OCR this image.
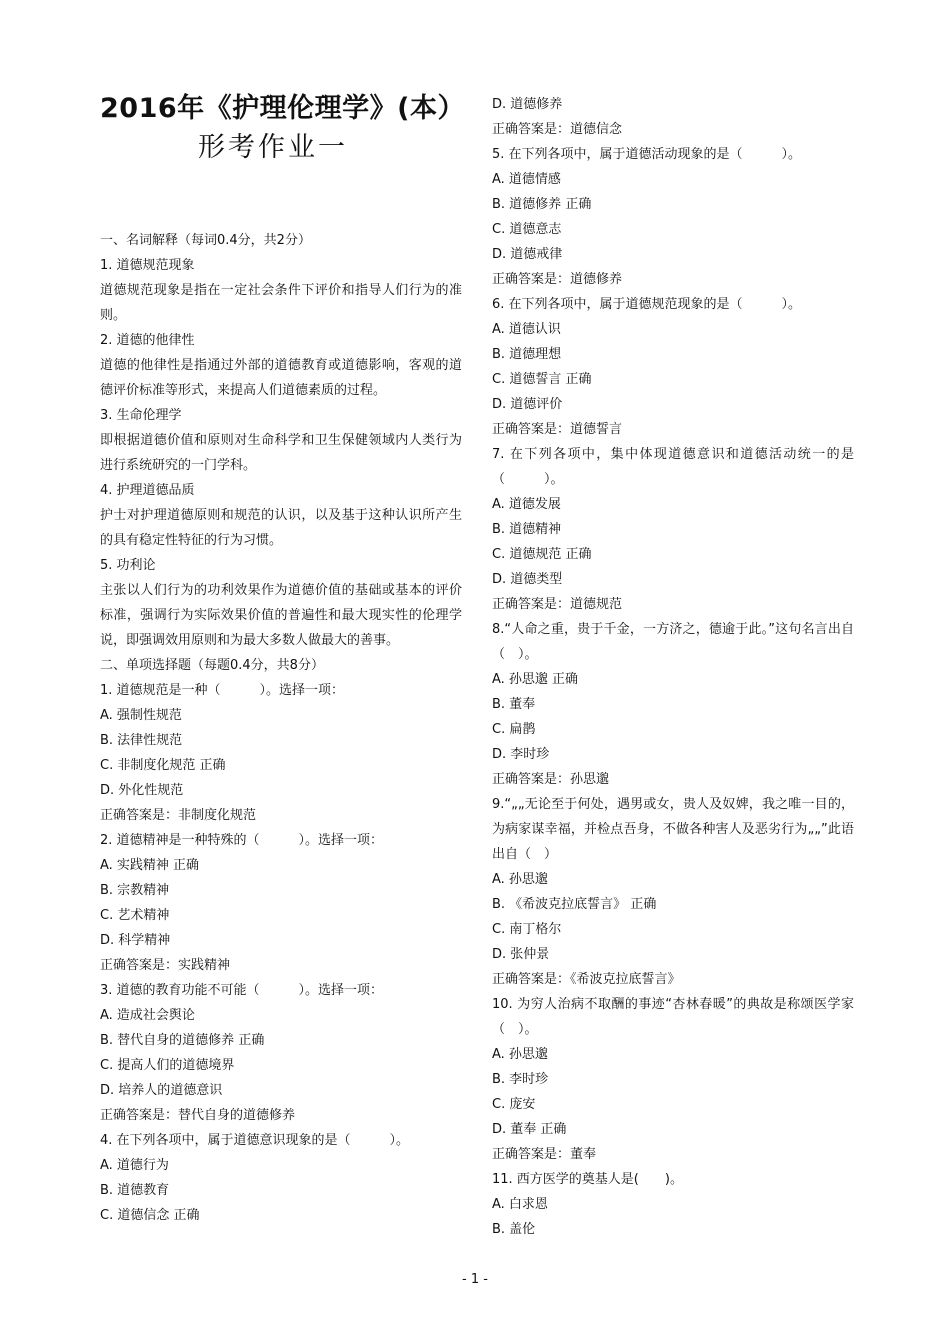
2016年《护理伦理学》(本）

形考作业一

一、名词解释（每词0.4分，共2分）

1. 道德规范现象

道德规范现象是指在一定社会条件下评价和指导人们行为的准则。

2. 道德的他律性

道德的他律性是指通过外部的道德教育或道德影响，客观的道德评价标准等形式，来提高人们道德素质的过程。

3. 生命伦理学

即根据道德价值和原则对生命科学和卫生保健领域内人类行为进行系统研究的一门学科。

4. 护理道德品质

护士对护理道德原则和规范的认识，以及基于这种认识所产生的具有稳定性特征的行为习惯。

5. 功利论

主张以人们行为的功利效果作为道德价值的基础或基本的评价标准，强调行为实际效果价值的普遍性和最大现实性的伦理学说，即强调效用原则和为最大多数人做最大的善事。

二、单项选择题（每题0.4分，共8分）

1. 道德规范是一种（　　　）。选择一项：

A. 强制性规范

B. 法律性规范

C. 非制度化规范 正确

D. 外化性规范

正确答案是：非制度化规范

2. 道德精神是一种特殊的（　　　）。选择一项：

A. 实践精神 正确

B. 宗教精神

C. 艺术精神

D. 科学精神

正确答案是：实践精神

3. 道德的教育功能不可能（　　　）。选择一项：

A. 造成社会舆论

B. 替代自身的道德修养 正确

C. 提高人们的道德境界

D. 培养人的道德意识

正确答案是：替代自身的道德修养

4. 在下列各项中，属于道德意识现象的是（　　　）。

A. 道德行为

B. 道德教育

C. 道德信念 正确

D. 道德修养

正确答案是：道德信念

5. 在下列各项中，属于道德活动现象的是（　　　）。

A. 道德情感

B. 道德修养 正确

C. 道德意志

D. 道德戒律

正确答案是：道德修养

6. 在下列各项中，属于道德规范现象的是（　　　）。

A. 道德认识

B. 道德理想

C. 道德誓言 正确

D. 道德评价

正确答案是：道德誓言

7. 在下列各项中，集中体现道德意识和道德活动统一的是（　　　）。

A. 道德发展

B. 道德精神

C. 道德规范 正确

D. 道德类型

正确答案是：道德规范

8.“人命之重，贵于千金，一方济之，德逾于此。”这句名言出自（　）。

A. 孙思邈 正确

B. 董奉

C. 扁鹊

D. 李时珍

正确答案是：孙思邈

9.“„„无论至于何处，遇男或女，贵人及奴婢，我之唯一目的，为病家谋幸福，并检点吾身，不做各种害人及恶劣行为„„”此语出自（　）

A. 孙思邈

B. 《希波克拉底誓言》 正确

C. 南丁格尔

D. 张仲景

正确答案是：《希波克拉底誓言》

10. 为穷人治病不取酬的事迹“杏林春暖”的典故是称颂医学家（　）。

A. 孙思邈

B. 李时珍

C. 庞安

D. 董奉 正确

正确答案是：董奉

11. 西方医学的奠基人是(　　)。

A. 白求恩

B. 盖伦

- 1 -
